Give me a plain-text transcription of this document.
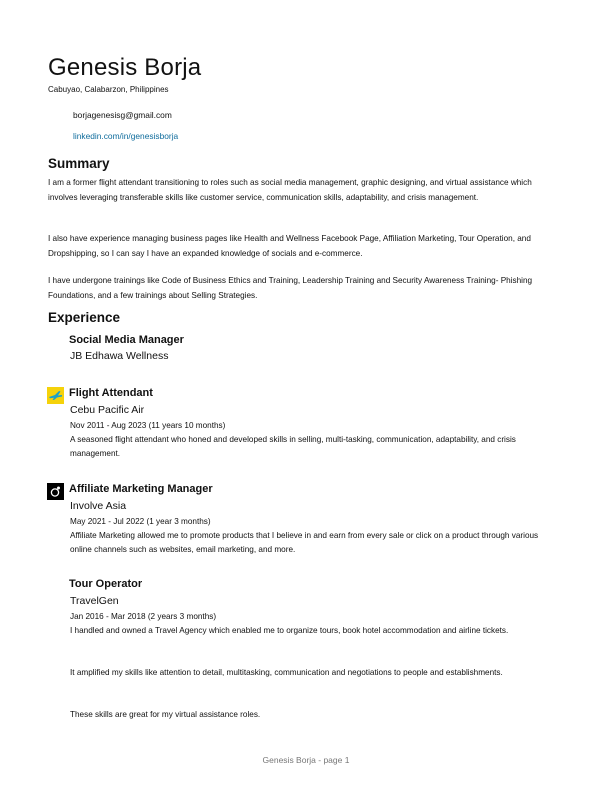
Genesis Borja
Cabuyao, Calabarzon, Philippines
borjagenesisg@gmail.com
linkedin.com/in/genesisborja
Summary

I am a former flight attendant transitioning to roles such as social media management, graphic designing, and virtual assistance which involves leveraging transferable skills like customer service, communication skills, adaptability, and crisis management.

I also have experience managing business pages like Health and Wellness Facebook Page, Affiliation Marketing, Tour Operation, and Dropshipping, so I can say I have an expanded knowledge of socials and e-commerce.

I have undergone trainings like Code of Business Ethics and Training, Leadership Training and Security Awareness Training- Phishing Foundations, and a few trainings about Selling Strategies.

Experience
Social Media Manager
JB Edhawa Wellness
Flight Attendant
Cebu Pacific Air
Nov 2011 - Aug 2023 (11 years 10 months)

A seasoned flight attendant who honed and developed skills in selling, multi-tasking, communication, adaptability, and crisis management.

Affiliate Marketing Manager
Involve Asia
May 2021 - Jul 2022 (1 year 3 months)

Affiliate Marketing allowed me to promote products that I believe in and earn from every sale or click on a product through various online channels such as websites, email marketing, and more.

Tour Operator
TravelGen
Jan 2016 - Mar 2018 (2 years 3 months)

I handled and owned a Travel Agency which enabled me to organize tours, book hotel accommodation and airline tickets.

It amplified my skills like attention to detail, multitasking, communication and negotiations to people and establishments.

These skills are great for my virtual assistance roles.

Genesis Borja - page 1
